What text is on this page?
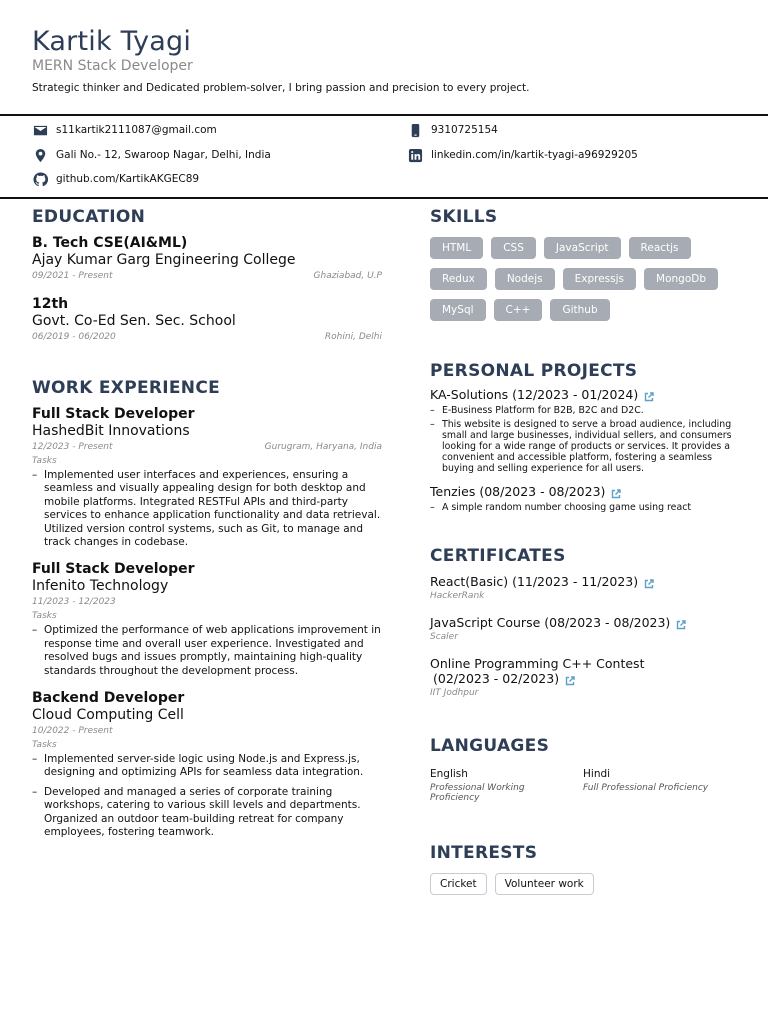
Kartik Tyagi
MERN Stack Developer
Strategic thinker and Dedicated problem-solver, I bring passion and precision to every project.
s11kartik2111087@gmail.com	9310725154
Gali No.- 12, Swaroop Nagar, Delhi, India	linkedin.com/in/kartik-tyagi-a96929205
github.com/KartikAKGEC89
EDUCATION
B. Tech CSE(AI&ML)
Ajay Kumar Garg Engineering College
09/2021 - Present	Ghaziabad, U.P
12th
Govt. Co-Ed Sen. Sec. School
06/2019 - 06/2020	Rohini, Delhi
WORK EXPERIENCE
Full Stack Developer
HashedBit Innovations
12/2023 - Present	Gurugram, Haryana, India
Tasks
– Implemented user interfaces and experiences, ensuring a seamless and visually appealing design for both desktop and mobile platforms. Integrated RESTFul APIs and third-party services to enhance application functionality and data retrieval. Utilized version control systems, such as Git, to manage and track changes in codebase.
Full Stack Developer
Infenito Technology
11/2023 - 12/2023
Tasks
– Optimized the performance of web applications improvement in response time and overall user experience. Investigated and resolved bugs and issues promptly, maintaining high-quality standards throughout the development process.
Backend Developer
Cloud Computing Cell
10/2022 - Present
Tasks
– Implemented server-side logic using Node.js and Express.js, designing and optimizing APIs for seamless data integration.
– Developed and managed a series of corporate training workshops, catering to various skill levels and departments. Organized an outdoor team-building retreat for company employees, fostering teamwork.
SKILLS
HTML	CSS	JavaScript	Reactjs
Redux	Nodejs	Expressjs	MongoDb
MySql	C++	Github
PERSONAL PROJECTS
KA-Solutions (12/2023 - 01/2024)
– E-Business Platform for B2B, B2C and D2C.
– This website is designed to serve a broad audience, including small and large businesses, individual sellers, and consumers looking for a wide range of products or services. It provides a convenient and accessible platform, fostering a seamless buying and selling experience for all users.
Tenzies (08/2023 - 08/2023)
– A simple random number choosing game using react
CERTIFICATES
React(Basic) (11/2023 - 11/2023)
HackerRank
JavaScript Course (08/2023 - 08/2023)
Scaler
Online Programming C++ Contest
(02/2023 - 02/2023)
IIT Jodhpur
LANGUAGES
English
Professional Working Proficiency
Hindi
Full Professional Proficiency
INTERESTS
Cricket	Volunteer work
